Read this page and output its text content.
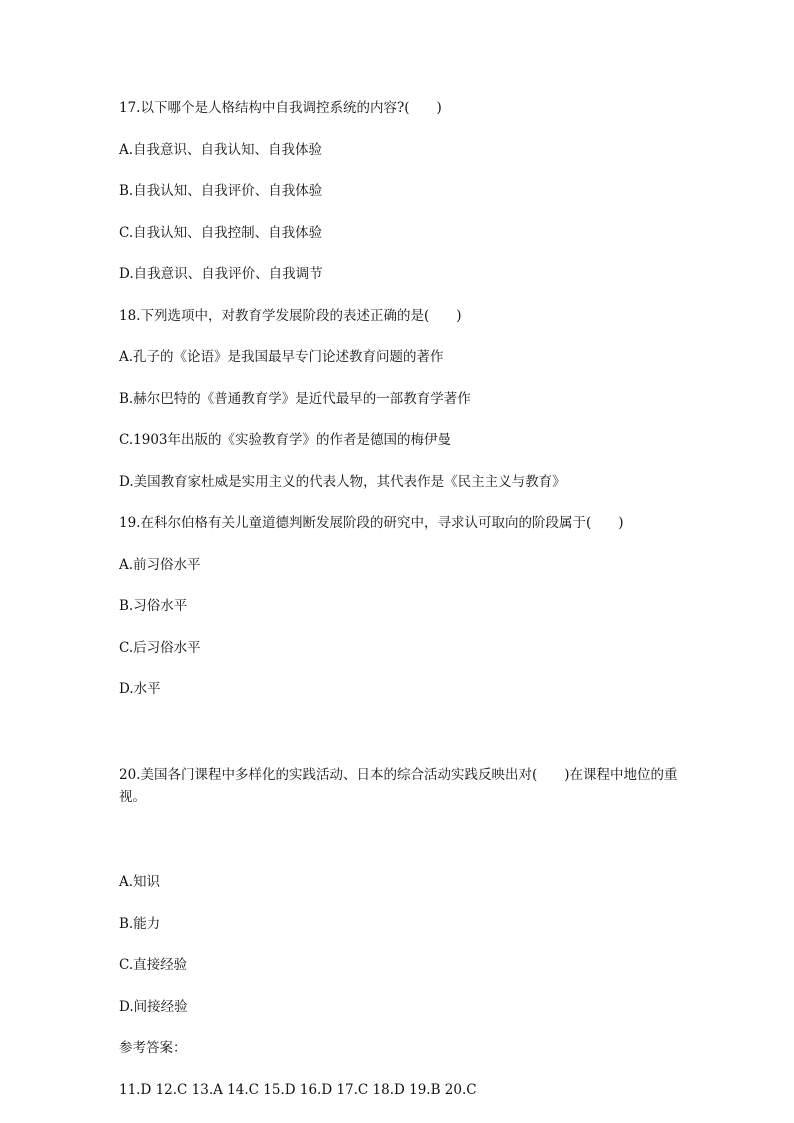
17.以下哪个是人格结构中自我调控系统的内容?(　　)
A.自我意识、自我认知、自我体验
B.自我认知、自我评价、自我体验
C.自我认知、自我控制、自我体验
D.自我意识、自我评价、自我调节
18.下列选项中，对教育学发展阶段的表述正确的是(　　)
A.孔子的《论语》是我国最早专门论述教育问题的著作
B.赫尔巴特的《普通教育学》是近代最早的一部教育学著作
C.1903年出版的《实验教育学》的作者是德国的梅伊曼
D.美国教育家杜威是实用主义的代表人物，其代表作是《民主主义与教育》
19.在科尔伯格有关儿童道德判断发展阶段的研究中，寻求认可取向的阶段属于(　　)
A.前习俗水平
B.习俗水平
C.后习俗水平
D.水平

20.美国各门课程中多样化的实践活动、日本的综合活动实践反映出对(　　)在课程中地位的重视。

A.知识
B.能力
C.直接经验
D.间接经验
参考答案：
11.D 12.C 13.A 14.C 15.D 16.D 17.C 18.D 19.B 20.C
